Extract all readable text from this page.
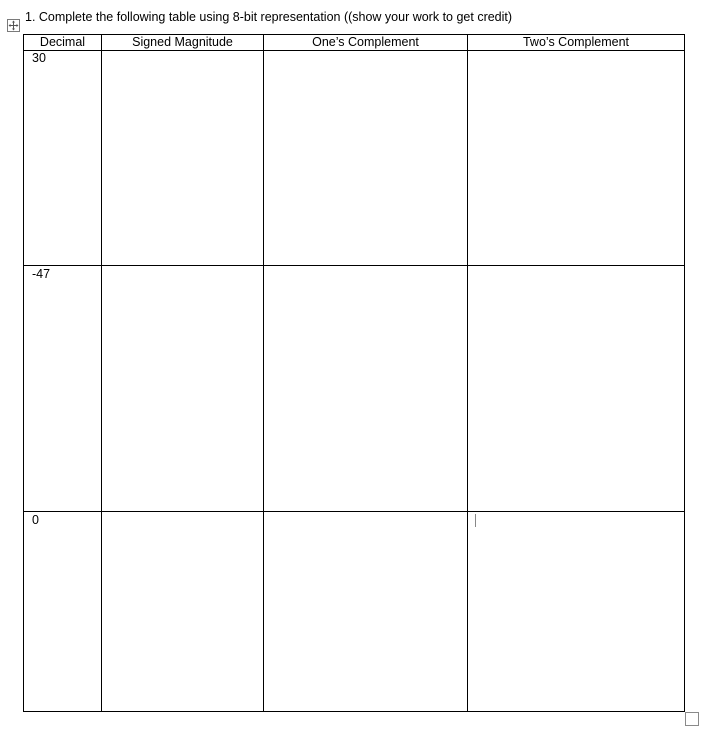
1. Complete the following table using 8-bit representation ((show your work to get credit)
Decimal	Signed Magnitude	One’s Complement	Two’s Complement
30			
-47			
0			
